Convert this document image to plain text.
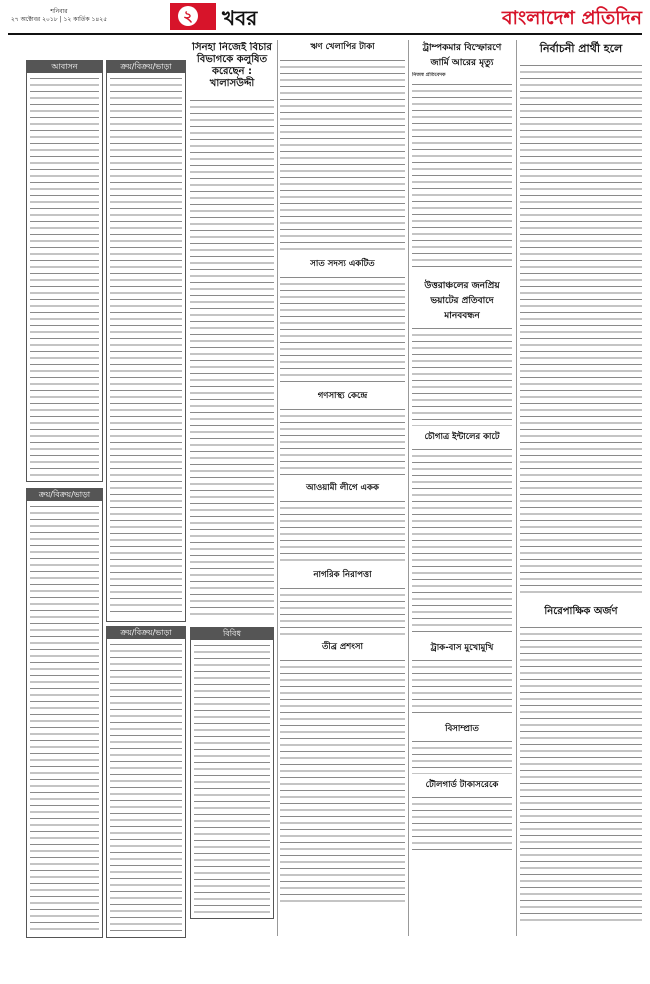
শনিবার
২৭ অক্টোবর ২০১৮ | ১২ কার্তিক ১৪২৫	২ খবর	বাংলাদেশ প্রতিদিন
আবাসন
ক্রয়/বিক্রয়/ভাড়া
ক্রয়/বিক্রয়/ভাড়া
ক্রয়/বিক্রয়/ভাড়া
সিনহা নিজেই বিচার বিভাগকে কলুষিত করেছেন : খালাসউদ্দী
বিবিধ
ঋণ খেলাপির টাকা
সাত সদস্য একটিত
গণসাস্থ্য কেন্দ্রে
আওয়ামী লীগে একক
নাগরিক নিরাপত্তা
তীব্র প্রশংসা
ট্রাম্পকমার বিস্ফোরণে
জার্মি আরের মৃত্যু
নিজস্ব প্রতিবেদক
উত্তরাঞ্চলের জনপ্রিয় ভয়াটের প্রতিবাদে
মানববন্ধন
চৌগাত্র ইন্টালের কাটে
ট্রাক-বাস মুখোমুখি
বিসাম্প্রাত
টৌলগার্ড টাকাসরেকে
নির্বাচনী প্রার্থী হলে
নিরেপাক্ষিক অর্জণ
